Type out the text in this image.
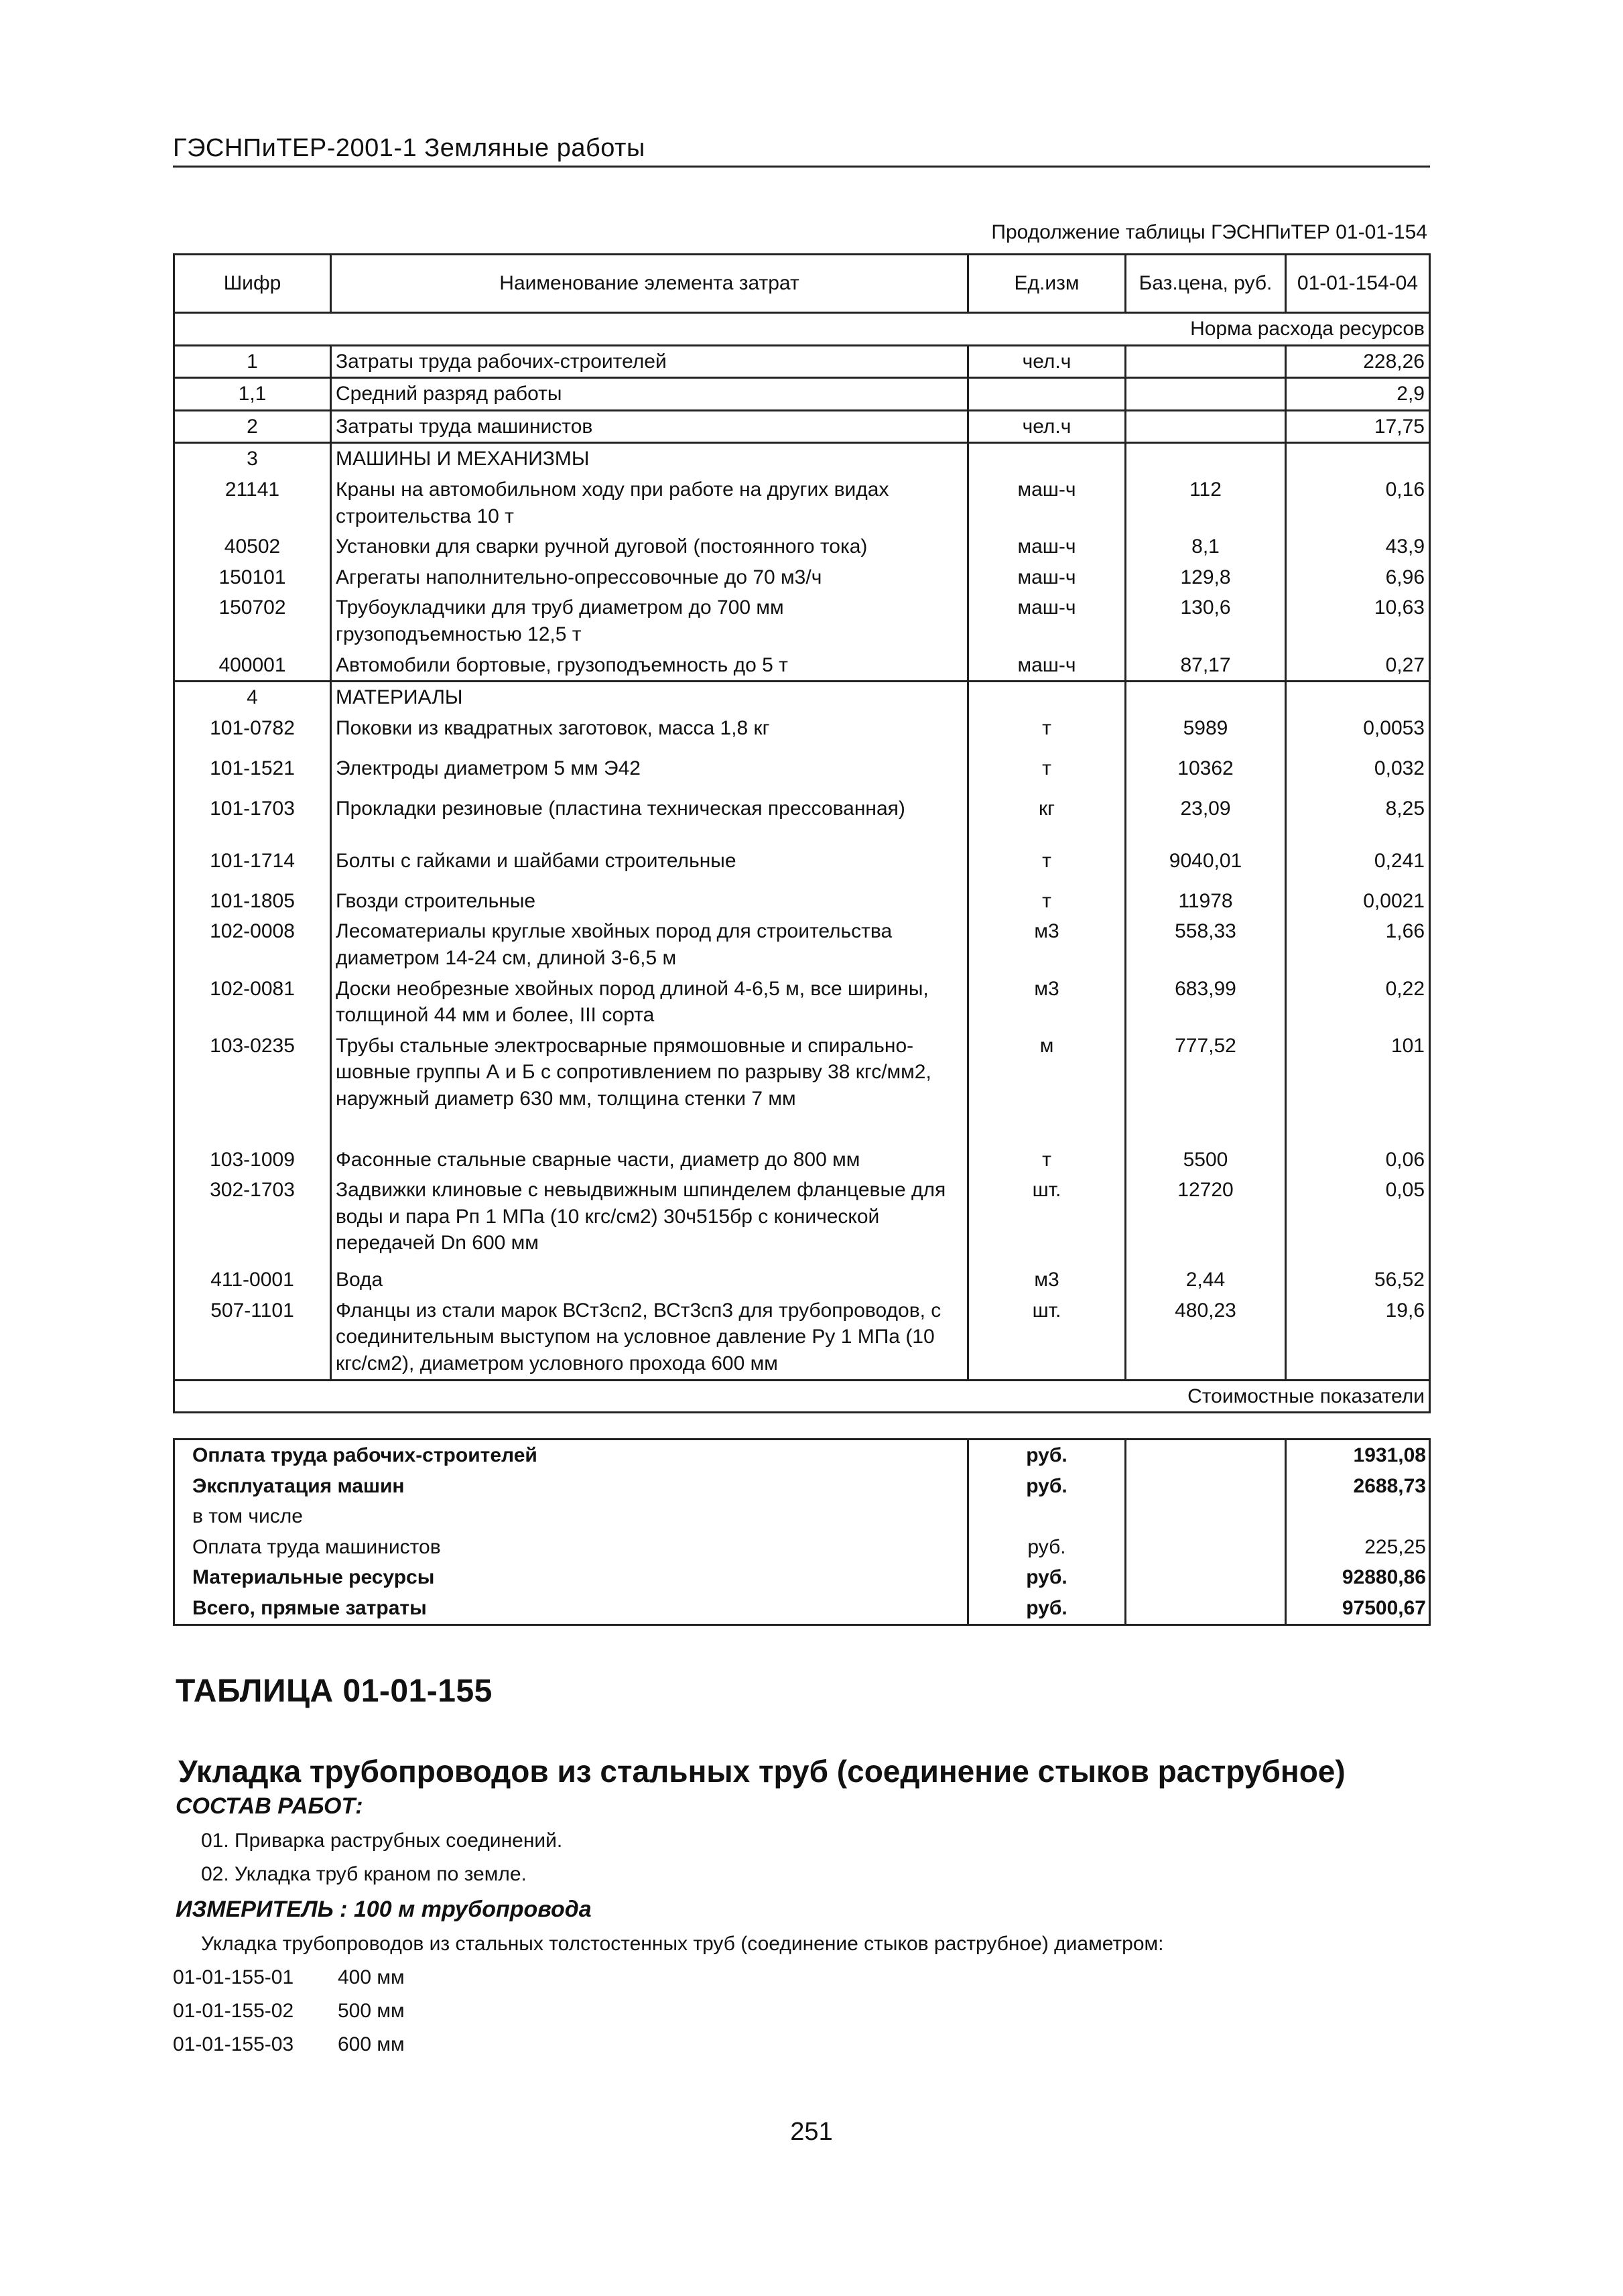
ГЭСНПиТЕР-2001-1 Земляные работы
Продолжение таблицы ГЭСНПиТЕР 01-01-154
Шифр	Наименование элемента затрат	Ед.изм	Баз.цена, руб.	01-01-154-04
			Норма расхода ресурсов	
1	Затраты труда рабочих-строителей	чел.ч		228,26
1,1	Средний разряд работы			2,9
2	Затраты труда машинистов	чел.ч		17,75
3	МАШИНЫ И МЕХАНИЗМЫ			
21141	Краны на автомобильном ходу при работе на других видах строительства 10 т	маш-ч	112	0,16
40502	Установки для сварки ручной дуговой (постоянного тока)	маш-ч	8,1	43,9
150101	Агрегаты наполнительно-опрессовочные до 70 м3/ч	маш-ч	129,8	6,96
150702	Трубоукладчики для труб диаметром до 700 мм грузоподъемностью 12,5 т	маш-ч	130,6	10,63
400001	Автомобили бортовые, грузоподъемность до 5 т	маш-ч	87,17	0,27
4	МАТЕРИАЛЫ			
101-0782	Поковки из квадратных заготовок, масса 1,8 кг	т	5989	0,0053
101-1521	Электроды диаметром 5 мм Э42	т	10362	0,032
101-1703	Прокладки резиновые (пластина техническая прессованная)	кг	23,09	8,25
101-1714	Болты с гайками и шайбами строительные	т	9040,01	0,241
101-1805	Гвозди строительные	т	11978	0,0021
102-0008	Лесоматериалы круглые хвойных пород для строительства диаметром 14-24 см, длиной 3-6,5 м	м3	558,33	1,66
102-0081	Доски необрезные хвойных пород длиной 4-6,5 м, все ширины, толщиной 44 мм и более, III сорта	м3	683,99	0,22
103-0235	Трубы стальные электросварные прямошовные и спирально-шовные группы А и Б с сопротивлением по разрыву 38 кгс/мм2, наружный диаметр 630 мм, толщина стенки 7 мм	м	777,52	101
103-1009	Фасонные стальные сварные части, диаметр до 800 мм	т	5500	0,06
302-1703	Задвижки клиновые с невыдвижным шпинделем фланцевые для воды и пара Рп 1 МПа (10 кгс/см2) 30ч515бр с конической передачей Dn 600 мм	шт.	12720	0,05
411-0001	Вода	м3	2,44	56,52
507-1101	Фланцы из стали марок ВСт3сп2, ВСт3сп3 для трубопроводов, с соединительным выступом на условное давление Ру 1 МПа (10 кгс/см2), диаметром условного прохода 600 мм	шт.	480,23	19,6
			Стоимостные показатели	
Оплата труда рабочих-строителей	руб.		1931,08
Эксплуатация машин	руб.		2688,73
в том числе			
Оплата труда машинистов	руб.		225,25
Материальные ресурсы	руб.		92880,86
Всего, прямые затраты	руб.		97500,67
ТАБЛИЦА 01-01-155
Укладка трубопроводов из стальных труб (соединение стыков раструбное)
СОСТАВ РАБОТ:
01. Приварка раструбных соединений.
02. Укладка труб краном по земле.
ИЗМЕРИТЕЛЬ : 100 м трубопровода
Укладка трубопроводов из стальных толстостенных труб (соединение стыков раструбное) диаметром:
01-01-155-01 400 мм
01-01-155-02 500 мм
01-01-155-03 600 мм
251
